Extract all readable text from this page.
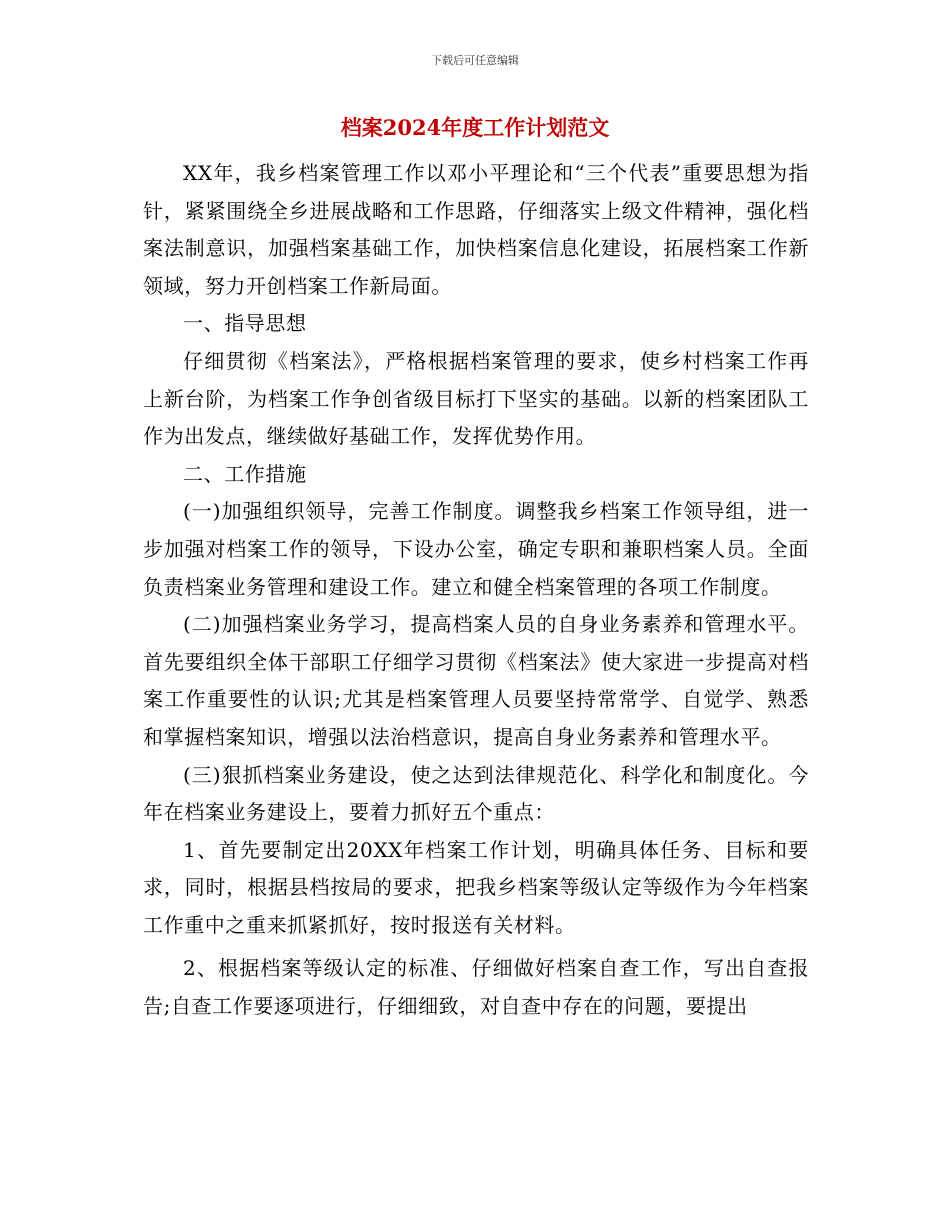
下载后可任意编辑
档案2024年度工作计划范文

XX年，我乡档案管理工作以邓小平理论和“三个代表”重要思想为指针，紧紧围绕全乡进展战略和工作思路，仔细落实上级文件精神，强化档案法制意识，加强档案基础工作，加快档案信息化建设，拓展档案工作新领域，努力开创档案工作新局面。

一、指导思想

仔细贯彻《档案法》，严格根据档案管理的要求，使乡村档案工作再上新台阶，为档案工作争创省级目标打下坚实的基础。以新的档案团队工作为出发点，继续做好基础工作，发挥优势作用。

二、工作措施

(一)加强组织领导，完善工作制度。调整我乡档案工作领导组，进一步加强对档案工作的领导，下设办公室，确定专职和兼职档案人员。全面负责档案业务管理和建设工作。建立和健全档案管理的各项工作制度。

(二)加强档案业务学习，提高档案人员的自身业务素养和管理水平。首先要组织全体干部职工仔细学习贯彻《档案法》使大家进一步提高对档案工作重要性的认识;尤其是档案管理人员要坚持常常学、自觉学、熟悉和掌握档案知识，增强以法治档意识，提高自身业务素养和管理水平。

(三)狠抓档案业务建设，使之达到法律规范化、科学化和制度化。今年在档案业务建设上，要着力抓好五个重点：

1、首先要制定出20XX年档案工作计划，明确具体任务、目标和要求，同时，根据县档按局的要求，把我乡档案等级认定等级作为今年档案工作重中之重来抓紧抓好，按时报送有关材料。

2、根据档案等级认定的标准、仔细做好档案自查工作，写出自查报告;自查工作要逐项进行，仔细细致，对自查中存在的问题，要提出
